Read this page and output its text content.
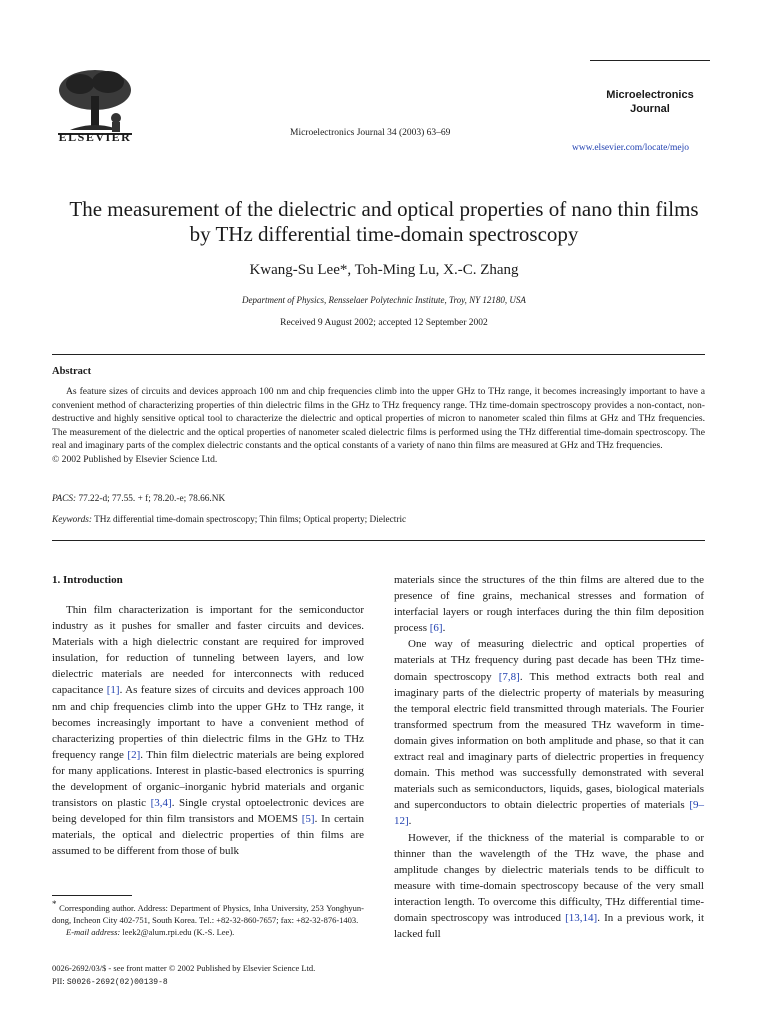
ELSEVIER	Microelectronics Journal 34 (2003) 63–69
Microelectronics Journal
www.elsevier.com/locate/mejo
The measurement of the dielectric and optical properties of nano thin films by THz differential time-domain spectroscopy
Kwang-Su Lee*, Toh-Ming Lu, X.-C. Zhang
Department of Physics, Rensselaer Polytechnic Institute, Troy, NY 12180, USA
Received 9 August 2002; accepted 12 September 2002
Abstract

As feature sizes of circuits and devices approach 100 nm and chip frequencies climb into the upper GHz to THz range, it becomes increasingly important to have a convenient method of characterizing properties of thin dielectric films in the GHz to THz frequency range. THz time-domain spectroscopy provides a non-contact, non-destructive and highly sensitive optical tool to characterize the dielectric and optical properties of micron to nanometer scaled thin films at GHz and THz frequencies. The measurement of the dielectric and the optical properties of nanometer scaled dielectric films is performed using the THz differential time-domain spectroscopy. The real and imaginary parts of the complex dielectric constants and the optical constants of a variety of nano thin films are measured at GHz and THz frequencies.
© 2002 Published by Elsevier Science Ltd.

PACS: 77.22-d; 77.55. + f; 78.20.-e; 78.66.NK
Keywords: THz differential time-domain spectroscopy; Thin films; Optical property; Dielectric
1. Introduction

Thin film characterization is important for the semiconductor industry as it pushes for smaller and faster circuits and devices. Materials with a high dielectric constant are required for improved insulation, for reduction of tunneling between layers, and low dielectric materials are needed for interconnects with reduced capacitance [1]. As feature sizes of circuits and devices approach 100 nm and chip frequencies climb into the upper GHz to THz range, it becomes increasingly important to have a convenient method of characterizing properties of thin dielectric films in the GHz to THz frequency range [2]. Thin film dielectric materials are being explored for many applications. Interest in plastic-based electronics is spurring the development of organic–inorganic hybrid materials and organic transistors on plastic [3,4]. Single crystal optoelectronic devices are being developed for thin film transistors and MOEMS [5]. In certain materials, the optical and dielectric properties of thin films are assumed to be different from those of bulk

materials since the structures of the thin films are altered due to the presence of fine grains, mechanical stresses and formation of interfacial layers or rough interfaces during the thin film deposition process [6].

One way of measuring dielectric and optical properties of materials at THz frequency during past decade has been THz time-domain spectroscopy [7,8]. This method extracts both real and imaginary parts of the dielectric property of materials by measuring the temporal electric field transmitted through materials. The Fourier transformed spectrum from the measured THz waveform in time-domain gives information on both amplitude and phase, so that it can extract real and imaginary parts of dielectric properties in frequency domain. This method was successfully demonstrated with several materials such as semiconductors, liquids, gases, biological materials and superconductors to obtain dielectric properties of materials [9–12].

However, if the thickness of the material is comparable to or thinner than the wavelength of the THz wave, the phase and amplitude changes by dielectric materials tends to be difficult to measure with time-domain spectroscopy because of the very small interaction length. To overcome this difficulty, THz differential time-domain spectroscopy was introduced [13,14]. In a previous work, it lacked full

* Corresponding author. Address: Department of Physics, Inha University, 253 Yonghyun-dong, Incheon City 402-751, South Korea. Tel.: +82-32-860-7657; fax: +82-32-876-1403.

E-mail address: leek2@alum.rpi.edu (K.-S. Lee).

0026-2692/03/$ - see front matter © 2002 Published by Elsevier Science Ltd.
PII: S0026-2692(02)00139-8
